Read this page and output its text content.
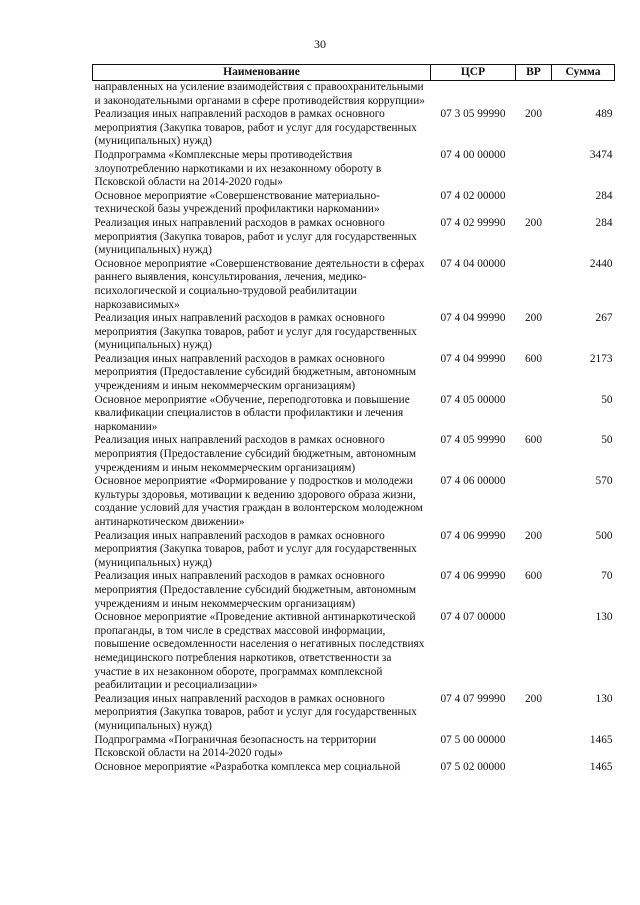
30
Наименование	ЦСР	ВР	Сумма
направленных на усиление взаимодействия с правоохранительными и законодательными органами в сфере противодействия коррупции»			
Реализация иных направлений расходов в рамках основного мероприятия (Закупка товаров, работ и услуг для государственных (муниципальных) нужд)	07 3 05 99990	200	489
Подпрограмма «Комплексные меры противодействия злоупотреблению наркотиками и их незаконному обороту в Псковской области на 2014-2020 годы»	07 4 00 00000		3474
Основное мероприятие «Совершенствование материально-технической базы учреждений профилактики наркомании»	07 4 02 00000		284
Реализация иных направлений расходов в рамках основного мероприятия (Закупка товаров, работ и услуг для государственных (муниципальных) нужд)	07 4 02 99990	200	284
Основное мероприятие «Совершенствование деятельности в сферах раннего выявления, консультирования, лечения, медико-психологической и социально-трудовой реабилитации наркозависимых»	07 4 04 00000		2440
Реализация иных направлений расходов в рамках основного мероприятия (Закупка товаров, работ и услуг для государственных (муниципальных) нужд)	07 4 04 99990	200	267
Реализация иных направлений расходов в рамках основного мероприятия (Предоставление субсидий бюджетным, автономным учреждениям и иным некоммерческим организациям)	07 4 04 99990	600	2173
Основное мероприятие «Обучение, переподготовка и повышение квалификации специалистов в области профилактики и лечения наркомании»	07 4 05 00000		50
Реализация иных направлений расходов в рамках основного мероприятия (Предоставление субсидий бюджетным, автономным учреждениям и иным некоммерческим организациям)	07 4 05 99990	600	50
Основное мероприятие «Формирование у подростков и молодежи культуры здоровья, мотивации к ведению здорового образа жизни, создание условий для участия граждан в волонтерском молодежном антинаркотическом движении»	07 4 06 00000		570
Реализация иных направлений расходов в рамках основного мероприятия (Закупка товаров, работ и услуг для государственных (муниципальных) нужд)	07 4 06 99990	200	500
Реализация иных направлений расходов в рамках основного мероприятия (Предоставление субсидий бюджетным, автономным учреждениям и иным некоммерческим организациям)	07 4 06 99990	600	70
Основное мероприятие «Проведение активной антинаркотической пропаганды, в том числе в средствах массовой информации, повышение осведомленности населения о негативных последствиях немедицинского потребления наркотиков, ответственности за участие в их незаконном обороте, программах комплексной реабилитации и ресоциализации»	07 4 07 00000		130
Реализация иных направлений расходов в рамках основного мероприятия (Закупка товаров, работ и услуг для государственных (муниципальных) нужд)	07 4 07 99990	200	130
Подпрограмма «Пограничная безопасность на территории Псковской области на 2014-2020 годы»	07 5 00 00000		1465
Основное мероприятие «Разработка комплекса мер социальной	07 5 02 00000		1465
